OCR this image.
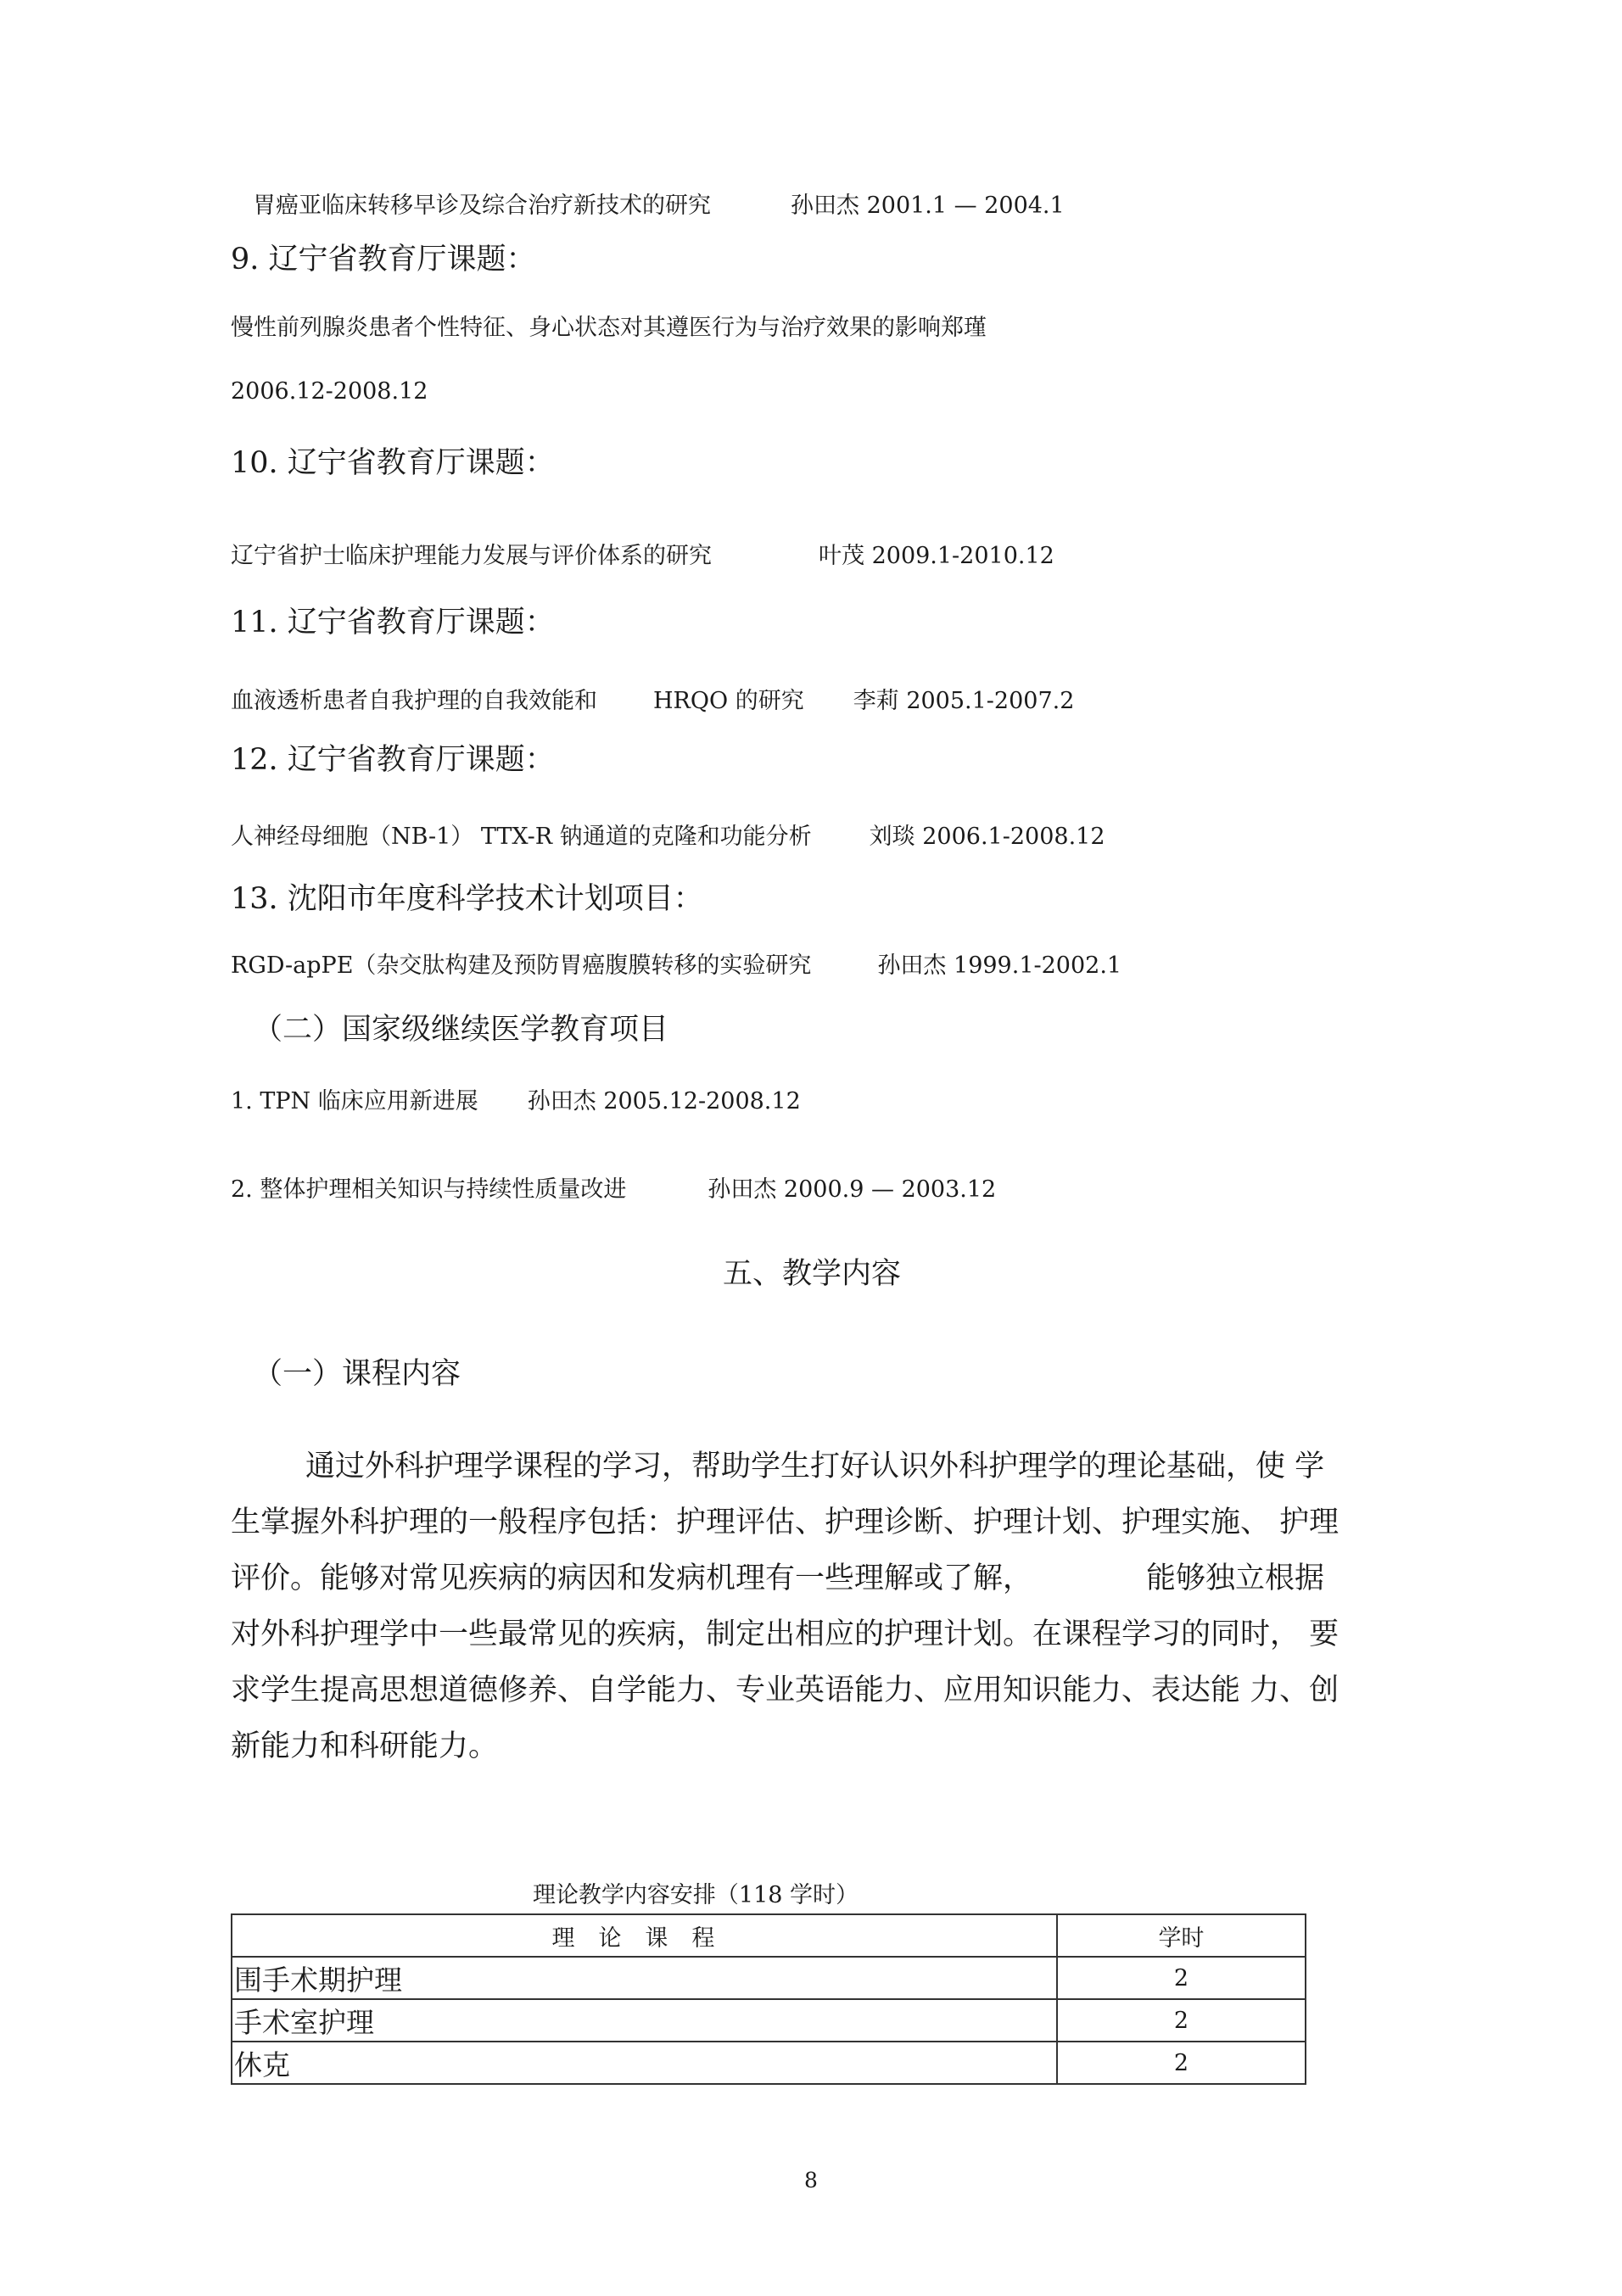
胃癌亚临床转移早诊及综合治疗新技术的研究	孙田杰 2001.1 — 2004.1
9. 辽宁省教育厅课题：
慢性前列腺炎患者个性特征、身心状态对其遵医行为与治疗效果的影响郑瑾
2006.12-2008.12
10. 辽宁省教育厅课题：
辽宁省护士临床护理能力发展与评价体系的研究	叶茂 2009.1-2010.12
11. 辽宁省教育厅课题：
血液透析患者自我护理的自我效能和 HRQO 的研究 李莉 2005.1-2007.2
12. 辽宁省教育厅课题：
人神经母细胞（NB-1） TTX-R 钠通道的克隆和功能分析	刘琰 2006.1-2008.12
13. 沈阳市年度科学技术计划项目：
RGD-apPE（杂交肽构建及预防胃癌腹膜转移的实验研究	孙田杰 1999.1-2002.1
（二）国家级继续医学教育项目
1. TPN 临床应用新进展 孙田杰 2005.12-2008.12
2. 整体护理相关知识与持续性质量改进	孙田杰 2000.9 — 2003.12
五、教学内容
（一）课程内容
通过外科护理学课程的学习，帮助学生打好认识外科护理学的理论基础，使 学
生掌握外科护理的一般程序包括：护理评估、护理诊断、护理计划、护理实施、 护理
评价。能够对常见疾病的病因和发病机理有一些理解或了解，	能够独立根据
对外科护理学中一些最常见的疾病，制定出相应的护理计划。在课程学习的同时， 要
求学生提高思想道德修养、自学能力、专业英语能力、应用知识能力、表达能 力、创
新能力和科研能力。
理论教学内容安排（118 学时）
理论课程	学时
围手术期护理	2
手术室护理	2
休克	2
8
